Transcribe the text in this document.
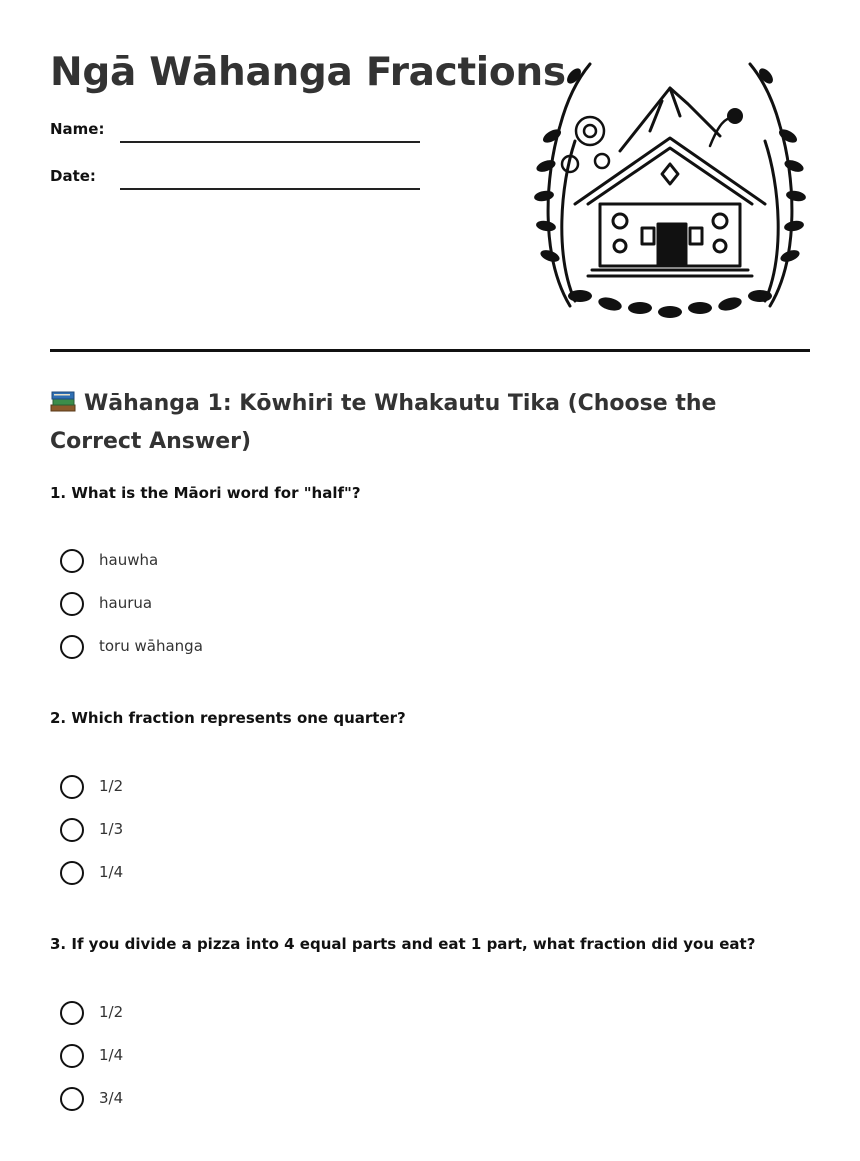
Ngā Wāhanga Fractions
Name:
Date:
Wāhanga 1: Kōwhiri te Whakautu Tika (Choose the Correct Answer)
1. What is the Māori word for "half"?
hauwha
haurua
toru wāhanga
2. Which fraction represents one quarter?
1/2
1/3
1/4
3. If you divide a pizza into 4 equal parts and eat 1 part, what fraction did you eat?
1/2
1/4
3/4
